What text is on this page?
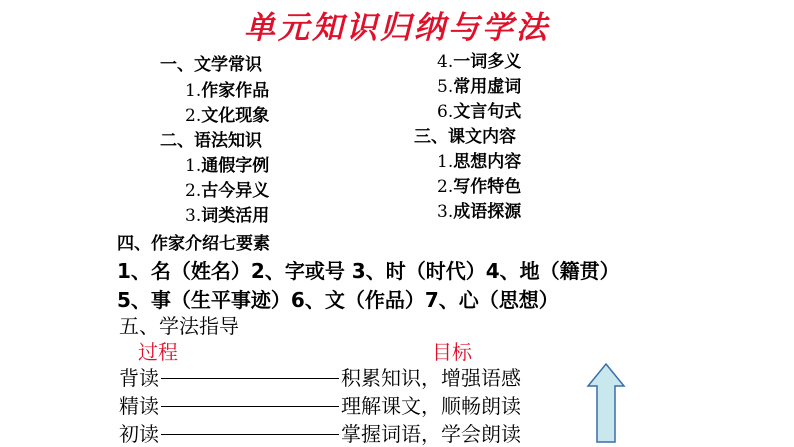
单元知识归纳与学法
一、文学常识
1.作家作品
2.文化现象
二、语法知识
1.通假字例
2.古今异义
3.词类活用
4.一词多义
5.常用虚词
6.文言句式
三、课文内容
1.思想内容
2.写作特色
3.成语探源
四、作家介绍七要素
1、名（姓名）2、字或号 3、时（时代）4、地（籍贯）
5、事（生平事迹）6、文（作品）7、心（思想）
五、学法指导
过程	目标
背读	积累知识，增强语感
精读	理解课文，顺畅朗读
初读	掌握词语，学会朗读
